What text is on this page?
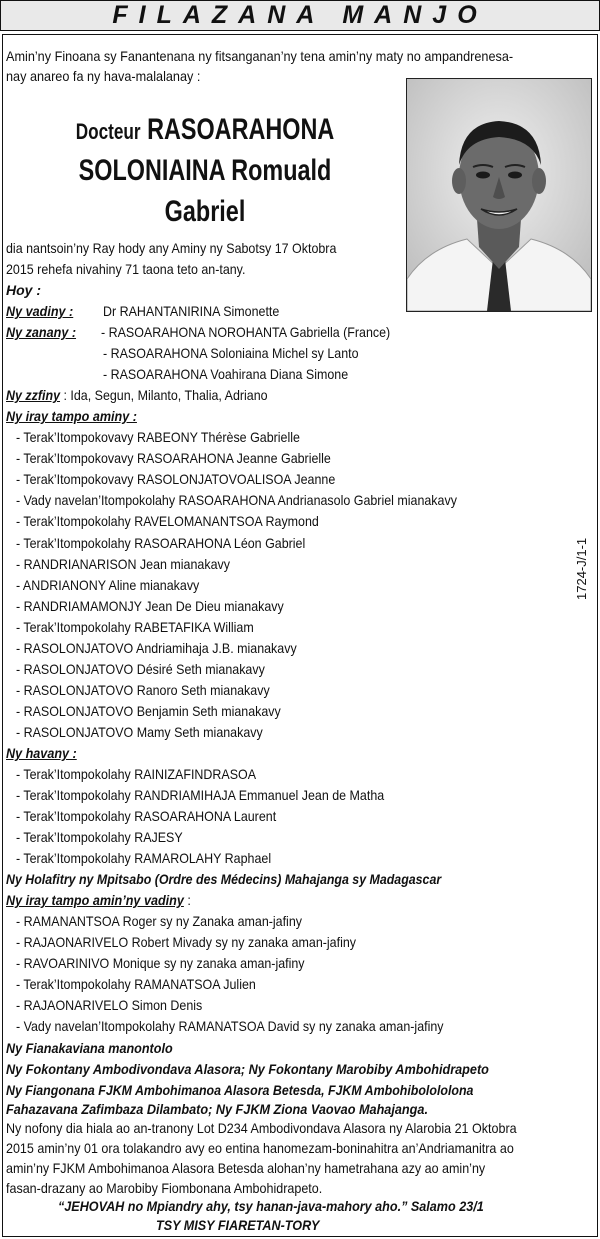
FILAZANA MANJO
Amin’ny Finoana sy Fanantenana ny fitsanganan’ny tena amin’ny maty no ampandrenesa-
nay anareo fa ny hava-malalanay :
Docteur RASOARAHONA
SOLONIAINA Romuald
Gabriel
dia nantsoin’ny Ray hody any Aminy ny Sabotsy 17 Oktobra
2015 rehefa nivahiny 71 taona teto an-tany.
Hoy :
Ny vadiny : Dr RAHANTANIRINA Simonette
Ny zanany : - RASOARAHONA NOROHANTA Gabriella (France)
- RASOARAHONA Soloniaina Michel sy Lanto
- RASOARAHONA Voahirana Diana Simone
Ny zzfiny : Ida, Segun, Milanto, Thalia, Adriano
Ny iray tampo aminy :
- Terak’Itompokovavy RABEONY Thérèse Gabrielle
- Terak’Itompokovavy RASOARAHONA Jeanne Gabrielle
- Terak’Itompokovavy RASOLONJATOVOALISOA Jeanne
- Vady navelan’Itompokolahy RASOARAHONA Andrianasolo Gabriel mianakavy
- Terak’Itompokolahy RAVELOMANANTSOA Raymond
- Terak’Itompokolahy RASOARAHONA Léon Gabriel
- RANDRIANARISON Jean mianakavy
- ANDRIANONY Aline mianakavy
- RANDRIAMAMONJY Jean De Dieu mianakavy
- Terak’Itompokolahy RABETAFIKA William
- RASOLONJATOVO Andriamihaja J.B. mianakavy
- RASOLONJATOVO Désiré Seth mianakavy
- RASOLONJATOVO Ranoro Seth mianakavy
- RASOLONJATOVO Benjamin Seth mianakavy
- RASOLONJATOVO Mamy Seth mianakavy
Ny havany :
- Terak’Itompokolahy RAINIZAFINDRASOA
- Terak’Itompokolahy RANDRIAMIHAJA Emmanuel Jean de Matha
- Terak’Itompokolahy RASOARAHONA Laurent
- Terak’Itompokolahy RAJESY
- Terak’Itompokolahy RAMAROLAHY Raphael
Ny Holafitry ny Mpitsabo (Ordre des Médecins) Mahajanga sy Madagascar
Ny iray tampo amin’ny vadiny :
- RAMANANTSOA Roger sy ny Zanaka aman-jafiny
- RAJAONARIVELO Robert Mivady sy ny zanaka aman-jafiny
- RAVOARINIVO Monique sy ny zanaka aman-jafiny
- Terak’Itompokolahy RAMANATSOA Julien
- RAJAONARIVELO Simon Denis
- Vady navelan’Itompokolahy RAMANATSOA David sy ny zanaka aman-jafiny
Ny Fianakaviana manontolo
Ny Fokontany Ambodivondava Alasora; Ny Fokontany Marobiby Ambohidrapeto
Ny Fiangonana FJKM Ambohimanoa Alasora Betesda, FJKM Ambohibolololona
Fahazavana Zafimbaza Dilambato; Ny FJKM Ziona Vaovao Mahajanga.
Ny nofony dia hiala ao an-tranony Lot D234 Ambodivondava Alasora ny Alarobia 21 Oktobra
2015 amin’ny 01 ora tolakandro avy eo entina hanomezam-boninahitra an’Andriamanitra ao
amin’ny FJKM Ambohimanoa Alasora Betesda alohan’ny hametrahana azy ao amin’ny
fasan-drazany ao Marobiby Fiombonana Ambohidrapeto.
“JEHOVAH no Mpiandry ahy, tsy hanan-java-mahory aho.” Salamo 23/1
TSY MISY FIARETAN-TORY
1724-J/1-1
